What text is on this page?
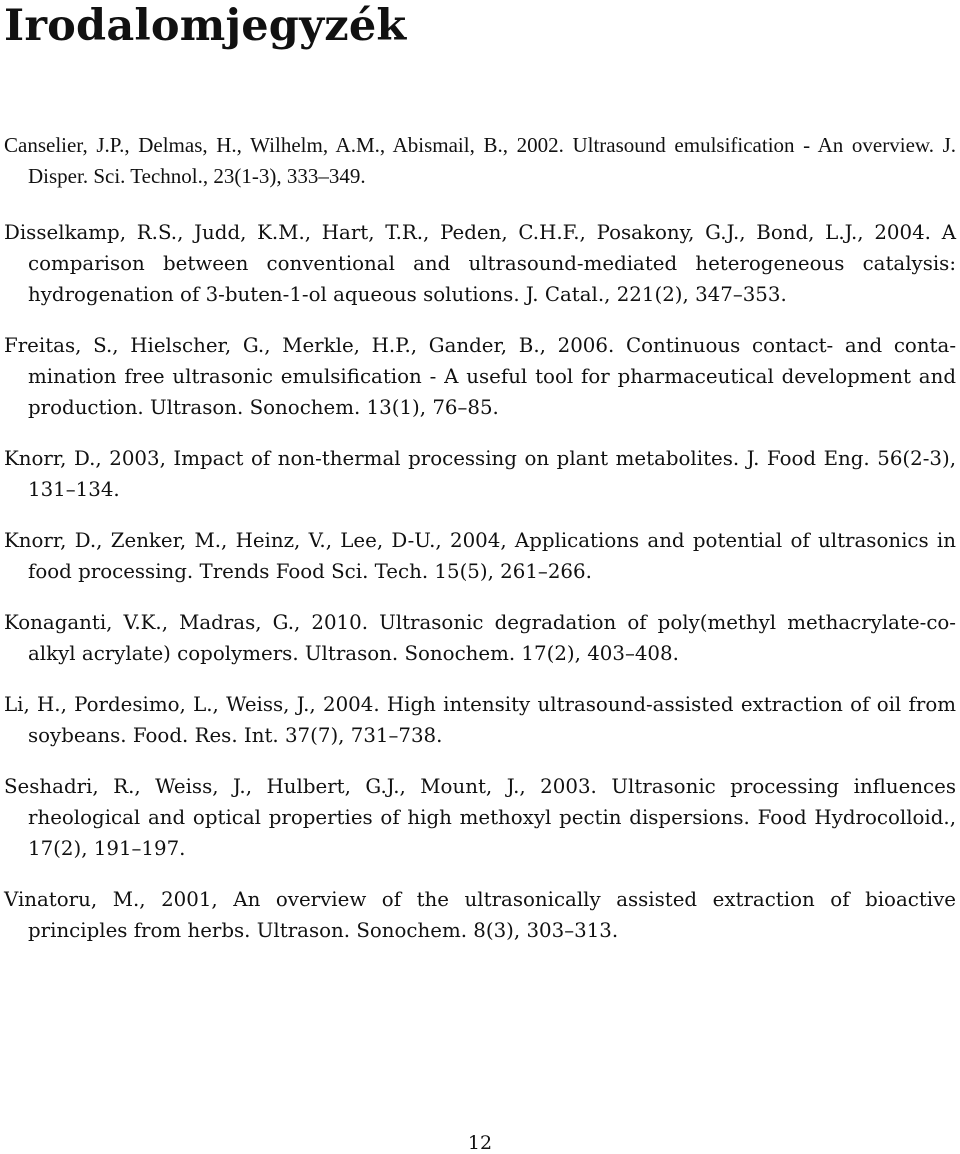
Irodalomjegyzék
Canselier, J.P., Delmas, H., Wilhelm, A.M., Abismail, B., 2002. Ultrasound emulsification - An overview. J. Disper. Sci. Technol., 23(1-3), 333–349.
Disselkamp, R.S., Judd, K.M., Hart, T.R., Peden, C.H.F., Posakony, G.J., Bond, L.J., 2004. A comparison between conventional and ultrasound-mediated heterogeneous catalysis: hydrogenation of 3-buten-1-ol aqueous solutions. J. Catal., 221(2), 347–353.
Freitas, S., Hielscher, G., Merkle, H.P., Gander, B., 2006. Continuous contact- and contamination free ultrasonic emulsification - A useful tool for pharmaceutical development and production. Ultrason. Sonochem. 13(1), 76–85.
Knorr, D., 2003, Impact of non-thermal processing on plant metabolites. J. Food Eng. 56(2-3), 131–134.
Knorr, D., Zenker, M., Heinz, V., Lee, D-U., 2004, Applications and potential of ultrasonics in food processing. Trends Food Sci. Tech. 15(5), 261–266.
Konaganti, V.K., Madras, G., 2010. Ultrasonic degradation of poly(methyl methacrylate-co-alkyl acrylate) copolymers. Ultrason. Sonochem. 17(2), 403–408.
Li, H., Pordesimo, L., Weiss, J., 2004. High intensity ultrasound-assisted extraction of oil from soybeans. Food. Res. Int. 37(7), 731–738.
Seshadri, R., Weiss, J., Hulbert, G.J., Mount, J., 2003. Ultrasonic processing influences rheological and optical properties of high methoxyl pectin dispersions. Food Hydrocolloid., 17(2), 191–197.
Vinatoru, M., 2001, An overview of the ultrasonically assisted extraction of bioactive principles from herbs. Ultrason. Sonochem. 8(3), 303–313.
12
